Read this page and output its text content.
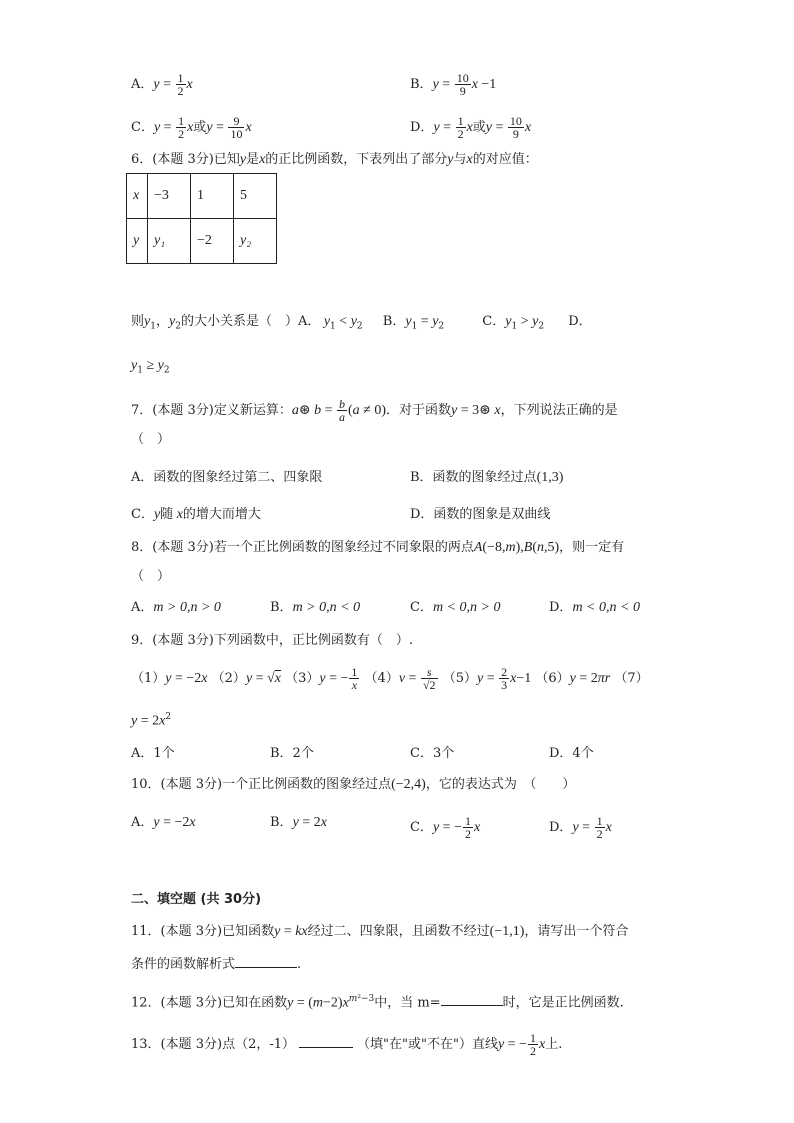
A．$y = \frac{1}{2}$ x	B．$y = \frac{10}{9}$ x −1
C．$y = \frac{1}{2}$ x或$y = \frac{9}{10}$ x	D．$y = \frac{1}{2}$ x或$y = \frac{10}{9}$ x
6．(本题 3分)已知y是x的正比例函数，下表列出了部分y与x的对应值：
x	−3	1	5
y	y₁	−2	y₂
则$y_1$，$y_2$的大小关系是（　）A． $y_1 < y_2$ B．$y_1 = y_2$	C．$y_1 > y_2$ D．
$y_1 \ge y_2$
7．(本题 3分)定义新运算：a⊛ $b = \frac{b}{a} (a \ne 0)$．对于函数y = 3⊛ x，下列说法正确的是
（　）
A．函数的图象经过第二、四象限	B．函数的图象经过点(1,3)
C．y随 x的增大而增大	D．函数的图象是双曲线
8．(本题 3分)若一个正比例函数的图象经过不同象限的两点A(−8,m),B(n,5)，则一定有
（　）
A．m > 0,n > 0	B．m > 0,n < 0	C．m < 0,n > 0	D．m < 0,n < 0
9．(本题 3分)下列函数中，正比例函数有（　）.
（1）y = −2x （2）y = √x （3）y = − $\frac{1}{x} (4)v = \frac{s}{√2} (5)y = \frac{2}{3} x-1$ （6）y = 2πr （7）
$y = 2x^2$
A．1个	B．2个	C．3个	D．4个
10．(本题 3分)一个正比例函数的图象经过点(−2,4)，它的表达式为　（　　）
A．y = −2x	B．y = 2x	C．y = − $\frac{1}{2}$ x	D．$y = \frac{1}{2}$ x
二、填空题 (共 30分)
11．(本题 3分)已知函数y = kx经过二、四象限，且函数不经过(−1,1)，请写出一个符合
条件的函数解析式	.
12．(本题 3分)已知在函数$y = (m-2)x^{m^2-3}$中，当 m=	时，它是正比例函数.
13．(本题 3分)点（2，-1）	（填"在"或"不在"）直线y = − $\frac{1}{2}$ x上.
